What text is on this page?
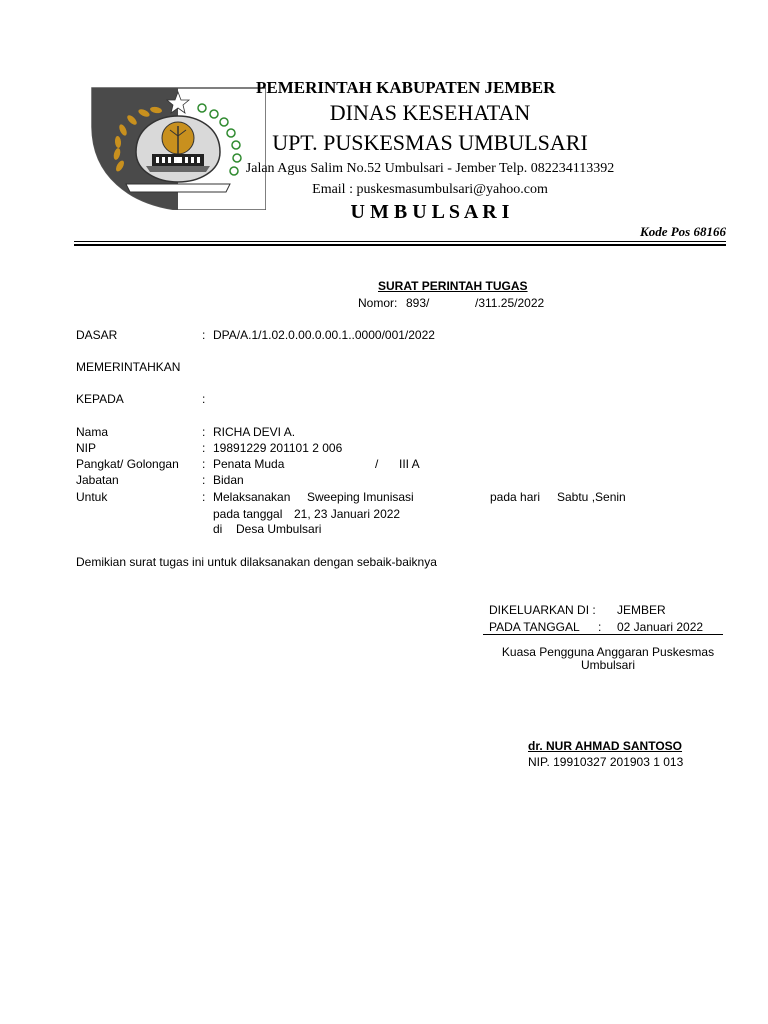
PEMERINTAH KABUPATEN JEMBER
DINAS KESEHATAN
UPT. PUSKESMAS UMBULSARI
Jalan Agus Salim No.52 Umbulsari - Jember Telp. 082234113392
Email : puskesmasumbulsari@yahoo.com
U M B U L S A R I
Kode Pos 68166
SURAT PERINTAH TUGAS
Nomor: 893/	/311.25/2022
DASAR	: DPA/A.1/1.02.0.00.0.00.1..0000/001/2022
MEMERINTAHKAN
KEPADA	:
Nama	: RICHA DEVI A.
NIP	: 19891229 201101 2 006
Pangkat/ Golongan : Penata Muda	/ III A
Jabatan	: Bidan
Untuk	: Melaksanakan Sweeping Imunisasi	pada hari Sabtu ,Senin
pada tanggal 21, 23 Januari 2022
di Desa Umbulsari
Demikian surat tugas ini untuk dilaksanakan dengan sebaik-baiknya
DIKELUARKAN DI : JEMBER
PADA TANGGAL : 02 Januari 2022
Kuasa Pengguna Anggaran Puskesmas
Umbulsari
dr. NUR AHMAD SANTOSO
NIP. 19910327 201903 1 013
